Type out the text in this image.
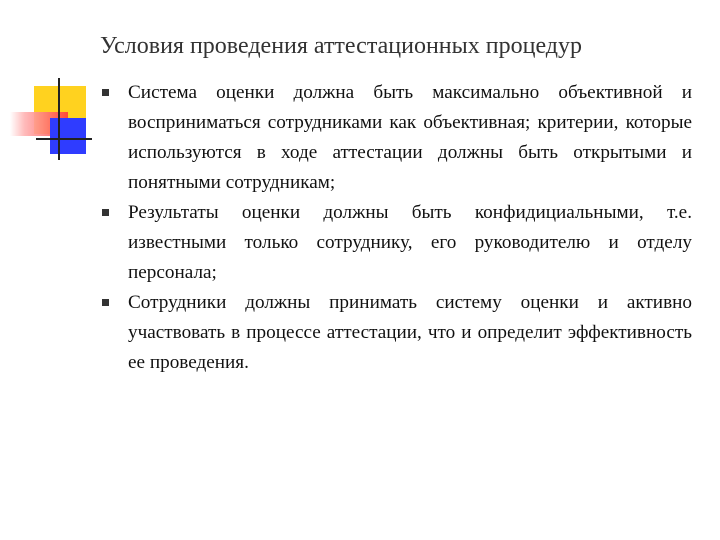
Условия проведения аттестационных процедур
Система оценки должна быть максимально объективной и восприниматься сотрудниками как объективная; критерии, которые используются в ходе аттестации должны быть открытыми и понятными сотрудникам;
Результаты оценки должны быть конфидициальными, т.е. известными только сотруднику, его руководителю и отделу персонала;
Сотрудники должны принимать систему оценки и активно участвовать в процессе аттестации, что и определит эффективность ее проведения.
